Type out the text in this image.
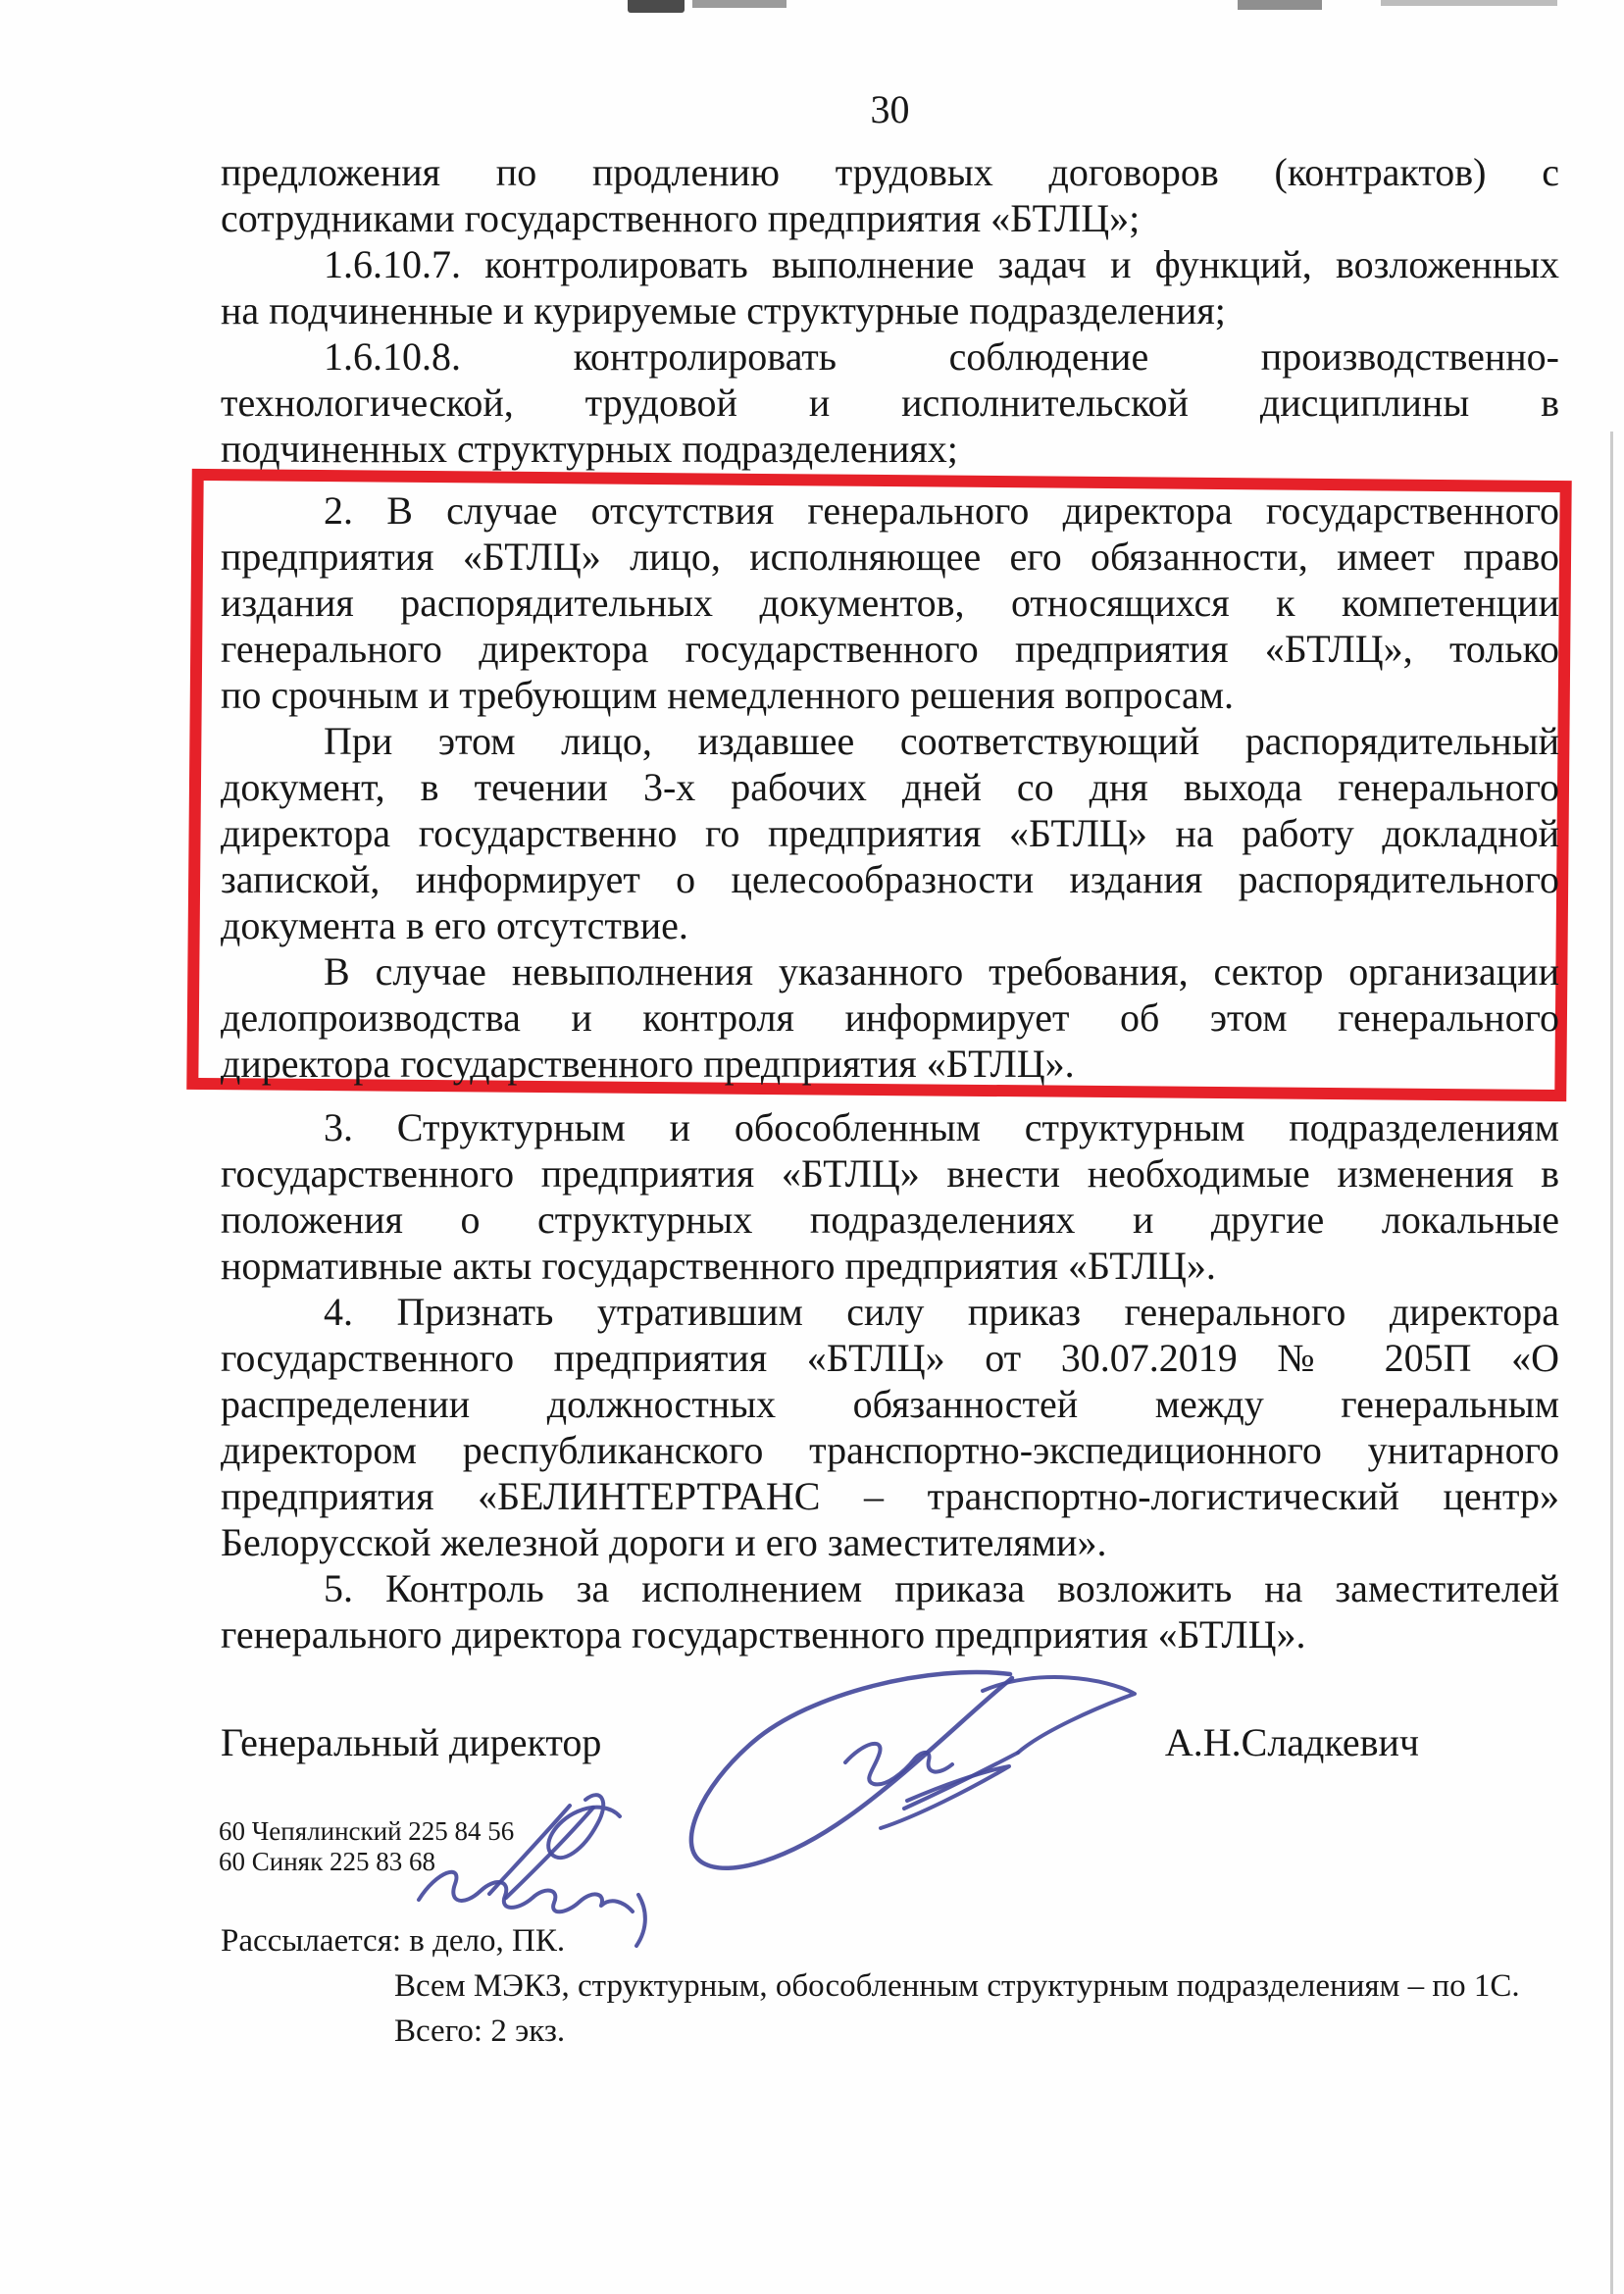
30
предложения по продлению трудовых договоров (контрактов) с
сотрудниками государственного предприятия «БТЛЦ»;
1.6.10.7. контролировать выполнение задач и функций, возложенных
на подчиненные и курируемые структурные подразделения;
1.6.10.8. контролировать соблюдение производственно-
технологической, трудовой и исполнительской дисциплины в
подчиненных структурных подразделениях;
2. В случае отсутствия генерального директора государственного
предприятия «БТЛЦ» лицо, исполняющее его обязанности, имеет право
издания распорядительных документов, относящихся к компетенции
генерального директора государственного предприятия «БТЛЦ», только
по срочным и требующим немедленного решения вопросам.
При этом лицо, издавшее соответствующий распорядительный
документ, в течении 3-х рабочих дней со дня выхода генерального
директора государственно го предприятия «БТЛЦ» на работу докладной
запиской, информирует о целесообразности издания распорядительного
документа в его отсутствие.
В случае невыполнения указанного требования, сектор организации
делопроизводства и контроля информирует об этом генерального
директора государственного предприятия «БТЛЦ».
3. Структурным и обособленным структурным подразделениям
государственного предприятия «БТЛЦ» внести необходимые изменения в
положения о структурных подразделениях и другие локальные
нормативные акты государственного предприятия «БТЛЦ».
4. Признать утратившим силу приказ генерального директора
государственного предприятия «БТЛЦ» от 30.07.2019 № 205П «О
распределении должностных обязанностей между генеральным
директором республиканского транспортно-экспедиционного унитарного
предприятия «БЕЛИНТЕРТРАНС – транспортно-логистический центр»
Белорусской железной дороги и его заместителями».
5. Контроль за исполнением приказа возложить на заместителей
генерального директора государственного предприятия «БТЛЦ».
Генеральный директор	А.Н.Сладкевич
60 Чепялинский 225 84 56
60 Синяк 225 83 68
Рассылается: в дело, ПК.
Всем МЭКЗ, структурным, обособленным структурным подразделениям – по 1С.
Всего: 2 экз.
